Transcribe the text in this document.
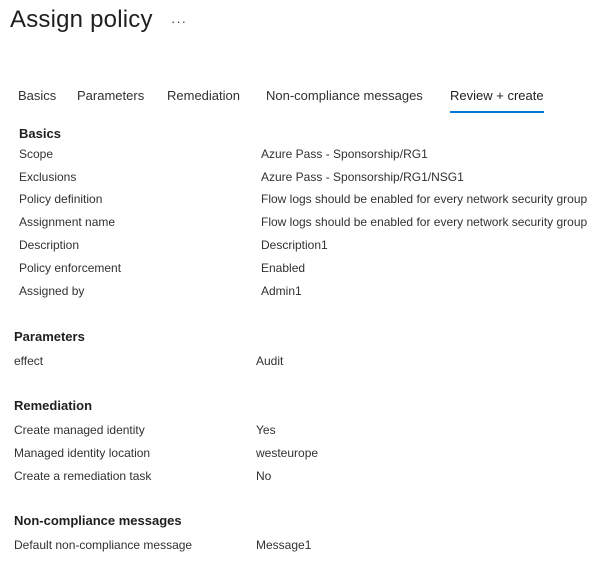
Assign policy ···
Basics Parameters Remediation Non-compliance messages Review + create
Basics
Scope	Azure Pass - Sponsorship/RG1
Exclusions	Azure Pass - Sponsorship/RG1/NSG1
Policy definition	Flow logs should be enabled for every network security group
Assignment name	Flow logs should be enabled for every network security group
Description	Description1
Policy enforcement	Enabled
Assigned by	Admin1
Parameters
effect	Audit
Remediation
Create managed identity	Yes
Managed identity location	westeurope
Create a remediation task	No
Non-compliance messages
Default non-compliance message	Message1
